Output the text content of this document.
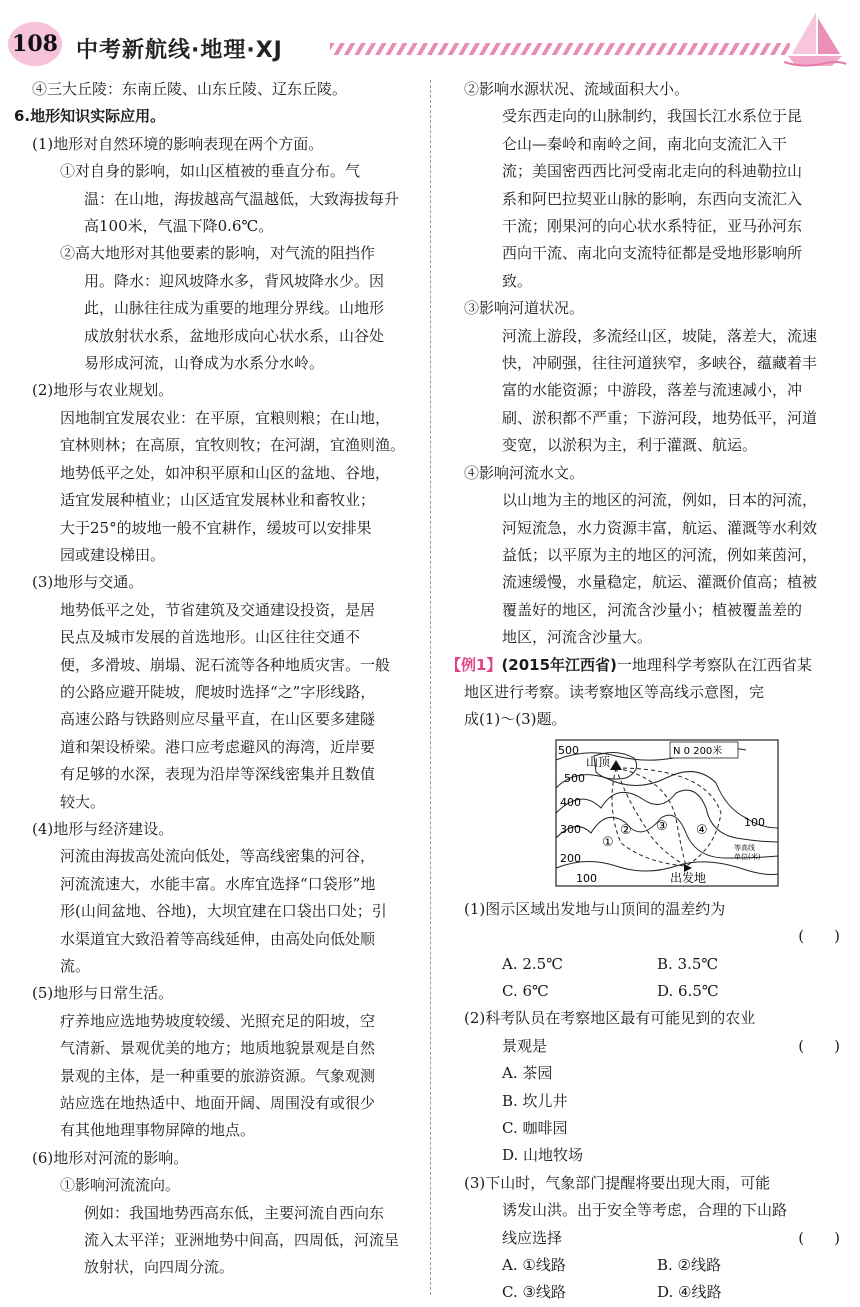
108 中考新航线·地理·XJ

④三大丘陵：东南丘陵、山东丘陵、辽东丘陵。

6.地形知识实际应用。

(1)地形对自然环境的影响表现在两个方面。

①对自身的影响，如山区植被的垂直分布。气

温：在山地，海拔越高气温越低，大致海拔每升

高100米，气温下降0.6℃。

②高大地形对其他要素的影响，对气流的阻挡作

用。降水：迎风坡降水多，背风坡降水少。因

此，山脉往往成为重要的地理分界线。山地形

成放射状水系，盆地形成向心状水系，山谷处

易形成河流，山脊成为水系分水岭。

(2)地形与农业规划。

因地制宜发展农业：在平原，宜粮则粮；在山地，

宜林则林；在高原，宜牧则牧；在河湖，宜渔则渔。

地势低平之处，如冲积平原和山区的盆地、谷地，

适宜发展种植业；山区适宜发展林业和畜牧业；

大于25°的坡地一般不宜耕作，缓坡可以安排果

园或建设梯田。

(3)地形与交通。

地势低平之处，节省建筑及交通建设投资，是居

民点及城市发展的首选地形。山区往往交通不

便，多滑坡、崩塌、泥石流等各种地质灾害。一般

的公路应避开陡坡，爬坡时选择“之”字形线路，

高速公路与铁路则应尽量平直，在山区要多建隧

道和架设桥梁。港口应考虑避风的海湾，近岸要

有足够的水深，表现为沿岸等深线密集并且数值

较大。

(4)地形与经济建设。

河流由海拔高处流向低处，等高线密集的河谷，

河流流速大，水能丰富。水库宜选择“口袋形”地

形(山间盆地、谷地)，大坝宜建在口袋出口处；引

水渠道宜大致沿着等高线延伸，由高处向低处顺

流。

(5)地形与日常生活。

疗养地应选地势坡度较缓、光照充足的阳坡，空

气清新、景观优美的地方；地质地貌景观是自然

景观的主体，是一种重要的旅游资源。气象观测

站应选在地热适中、地面开阔、周围没有或很少

有其他地理事物屏障的地点。

(6)地形对河流的影响。

①影响河流流向。

例如：我国地势西高东低，主要河流自西向东

流入太平洋；亚洲地势中间高，四周低，河流呈

放射状，向四周分流。

②影响水源状况、流域面积大小。

受东西走向的山脉制约，我国长江水系位于昆

仑山—秦岭和南岭之间，南北向支流汇入干

流；美国密西西比河受南北走向的科迪勒拉山

系和阿巴拉契亚山脉的影响，东西向支流汇入

干流；刚果河的向心状水系特征，亚马孙河东

西向干流、南北向支流特征都是受地形影响所

致。

③影响河道状况。

河流上游段，多流经山区，坡陡，落差大，流速

快，冲刷强，往往河道狭窄，多峡谷，蕴藏着丰

富的水能资源；中游段，落差与流速减小，冲

刷、淤积都不严重；下游河段，地势低平，河道

变宽，以淤积为主，利于灌溉、航运。

④影响河流水文。

以山地为主的地区的河流，例如，日本的河流，

河短流急，水力资源丰富，航运、灌溉等水利效

益低；以平原为主的地区的河流，例如莱茵河，

流速缓慢，水量稳定，航运、灌溉价值高；植被

覆盖好的地区，河流含沙量小；植被覆盖差的

地区，河流含沙量大。

【例1】(2015年江西省)一地理科学考察队在江西省某

地区进行考察。读考察地区等高线示意图，完

成(1)～(3)题。

500
500
400
300
200
100
100
山顶
出发地
N 0 200米
等高线单位(米)
①
② ③ ④

(1)图示区域出发地与山顶间的温差约为

(　　)

A. 2.5℃	B. 3.5℃

C. 6℃	D. 6.5℃

(2)科考队员在考察地区最有可能见到的农业

景观是	(　　)

A. 茶园

B. 坎儿井

C. 咖啡园

D. 山地牧场

(3)下山时，气象部门提醒将要出现大雨，可能

诱发山洪。出于安全等考虑，合理的下山路

线应选择	(　　)

A. ①线路	B. ②线路

C. ③线路	D. ④线路
